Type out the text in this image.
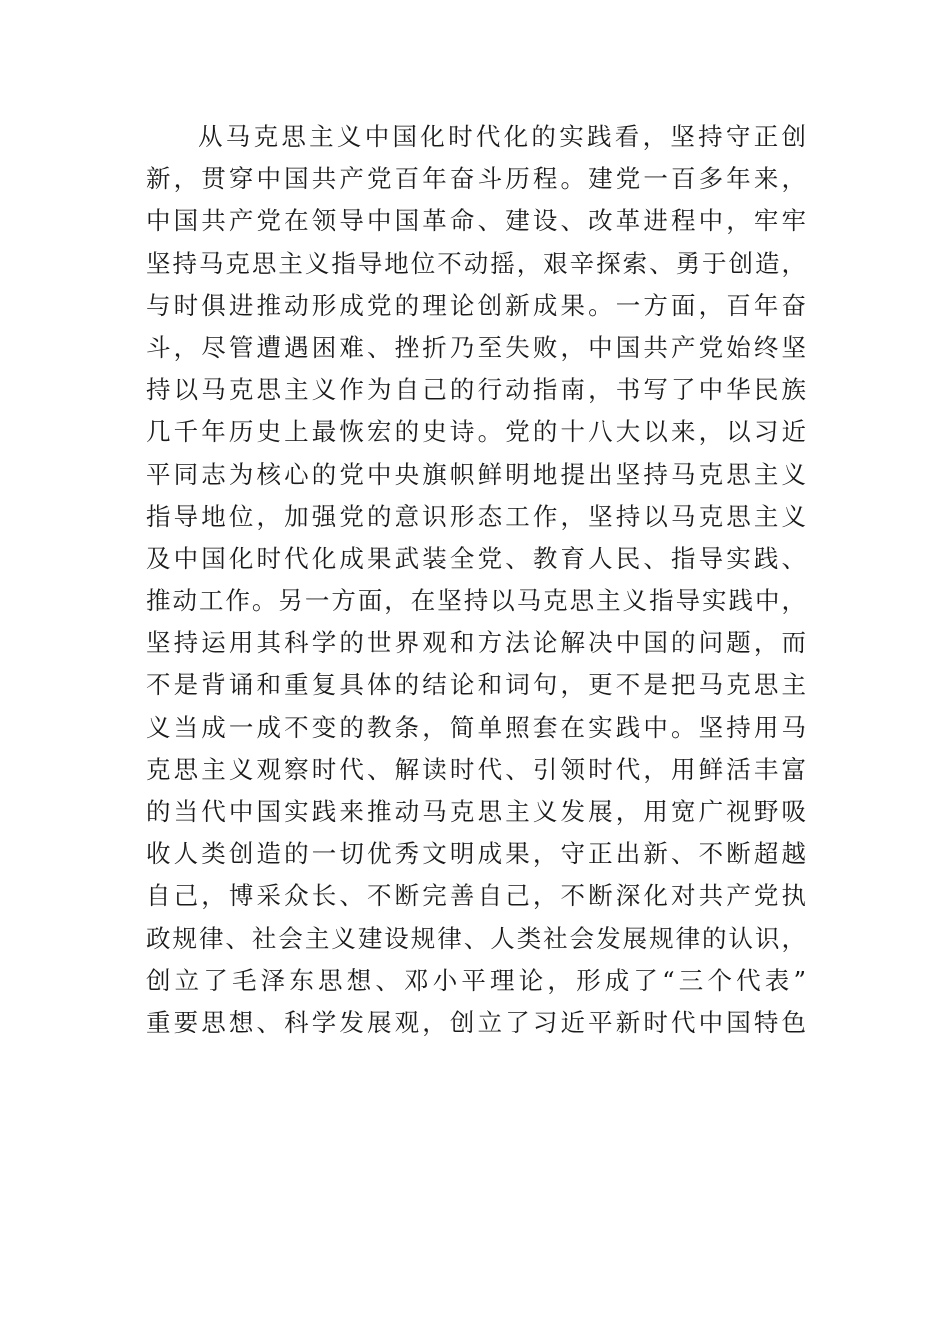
从马克思主义中国化时代化的实践看，坚持守正创
新，贯穿中国共产党百年奋斗历程。建党一百多年来，
中国共产党在领导中国革命、建设、改革进程中，牢牢
坚持马克思主义指导地位不动摇，艰辛探索、勇于创造，
与时俱进推动形成党的理论创新成果。一方面，百年奋
斗，尽管遭遇困难、挫折乃至失败，中国共产党始终坚
持以马克思主义作为自己的行动指南，书写了中华民族
几千年历史上最恢宏的史诗。党的十八大以来，以习近
平同志为核心的党中央旗帜鲜明地提出坚持马克思主义
指导地位，加强党的意识形态工作，坚持以马克思主义
及中国化时代化成果武装全党、教育人民、指导实践、
推动工作。另一方面，在坚持以马克思主义指导实践中，
坚持运用其科学的世界观和方法论解决中国的问题，而
不是背诵和重复具体的结论和词句，更不是把马克思主
义当成一成不变的教条，简单照套在实践中。坚持用马
克思主义观察时代、解读时代、引领时代，用鲜活丰富
的当代中国实践来推动马克思主义发展，用宽广视野吸
收人类创造的一切优秀文明成果，守正出新、不断超越
自己，博采众长、不断完善自己，不断深化对共产党执
政规律、社会主义建设规律、人类社会发展规律的认识，
创立了毛泽东思想、邓小平理论，形成了“三个代表”
重要思想、科学发展观，创立了习近平新时代中国特色
